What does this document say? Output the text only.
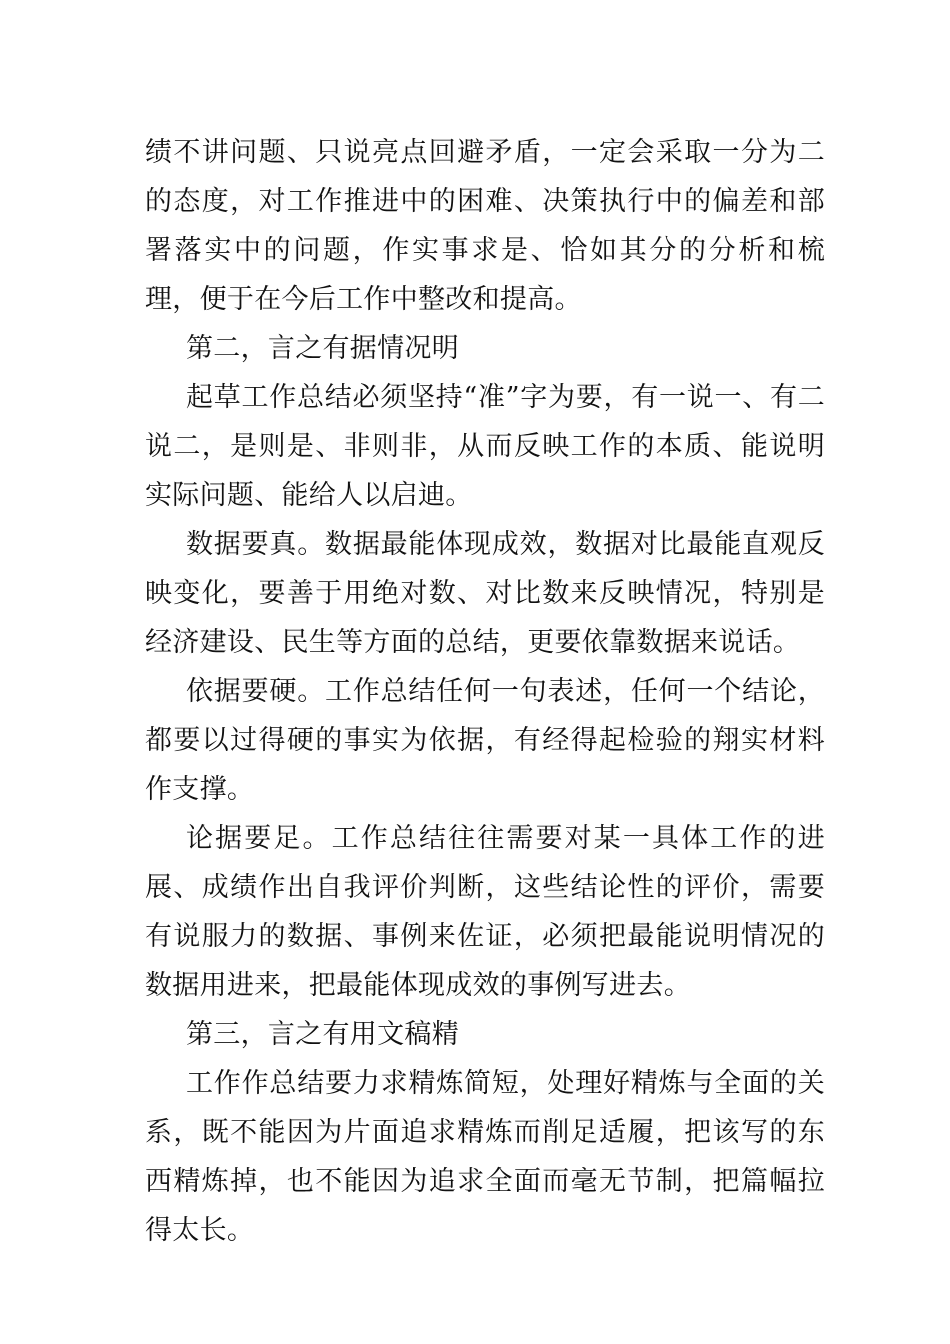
绩不讲问题、只说亮点回避矛盾，一定会采取一分为二的态度，对工作推进中的困难、决策执行中的偏差和部署落实中的问题，作实事求是、恰如其分的分析和梳理，便于在今后工作中整改和提高。

第二，言之有据情况明

起草工作总结必须坚持“准”字为要，有一说一、有二说二，是则是、非则非，从而反映工作的本质、能说明实际问题、能给人以启迪。

数据要真。数据最能体现成效，数据对比最能直观反映变化，要善于用绝对数、对比数来反映情况，特别是经济建设、民生等方面的总结，更要依靠数据来说话。

依据要硬。工作总结任何一句表述，任何一个结论，都要以过得硬的事实为依据，有经得起检验的翔实材料作支撑。

论据要足。工作总结往往需要对某一具体工作的进展、成绩作出自我评价判断，这些结论性的评价，需要有说服力的数据、事例来佐证，必须把最能说明情况的数据用进来，把最能体现成效的事例写进去。

第三，言之有用文稿精

工作作总结要力求精炼简短，处理好精炼与全面的关系，既不能因为片面追求精炼而削足适履，把该写的东西精炼掉，也不能因为追求全面而毫无节制，把篇幅拉得太长。
